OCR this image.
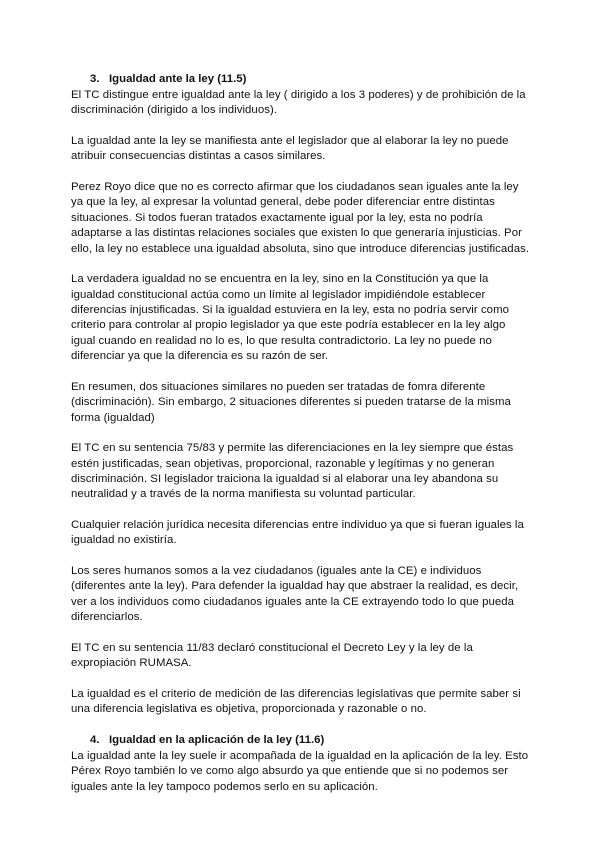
3. Igualdad ante la ley (11.5)

El TC distingue entre igualdad ante la ley ( dirigido a los 3 poderes) y de prohibición de la discriminación (dirigido a los individuos).

La igualdad ante la ley se manifiesta ante el legislador que al elaborar la ley no puede atribuir consecuencias distintas a casos similares.

Perez Royo dice que no es correcto afirmar que los ciudadanos sean iguales ante la ley ya que la ley, al expresar la voluntad general, debe poder diferenciar entre distintas situaciones. Si todos fueran tratados exactamente igual por la ley, esta no podría adaptarse a las distintas relaciones sociales que existen lo que generaría injusticias. Por ello, la ley no establece una igualdad absoluta, sino que introduce diferencias justificadas.

La verdadera igualdad no se encuentra en la ley, sino en la Constitución ya que la igualdad constitucional actúa como un límite al legislador impidiéndole establecer diferencias injustificadas. Si la igualdad estuviera en la ley, esta no podría servir como criterio para controlar al propio legislador ya que este podría establecer en la ley algo igual cuando en realidad no lo es, lo que resulta contradictorio. La ley no puede no diferenciar ya que la diferencia es su razón de ser.

En resumen, dos situaciones similares no pueden ser tratadas de fomra diferente (discriminación). Sin embargo, 2 situaciones diferentes si pueden tratarse de la misma forma (igualdad)

El TC en su sentencia 75/83 y permite las diferenciaciones en la ley siempre que éstas estén justificadas, sean objetivas, proporcional, razonable y legítimas y no generan discriminación. SI legislador traiciona la igualdad si al elaborar una ley abandona su neutralidad y a través de la norma manifiesta su voluntad particular.

Cualquier relación jurídica necesita diferencias entre individuo ya que si fueran iguales la igualdad no existiría.

Los seres humanos somos a la vez ciudadanos (iguales ante la CE) e individuos (diferentes ante la ley). Para defender la igualdad hay que abstraer la realidad, es decir, ver a los individuos como ciudadanos iguales ante la CE extrayendo todo lo que pueda diferenciarlos.

El TC en su sentencia 11/83 declaró constitucional el Decreto Ley y la ley de la expropiación RUMASA.

La igualdad es el criterio de medición de las diferencias legislativas que permite saber si una diferencia legislativa es objetiva, proporcionada y razonable o no.

4. Igualdad en la aplicación de la ley (11.6)

La igualdad ante la ley suele ir acompañada de la igualdad en la aplicación de la ley. Esto Pérex Royo también lo ve como algo absurdo ya que entiende que si no podemos ser iguales ante la ley tampoco podemos serlo en su aplicación.
